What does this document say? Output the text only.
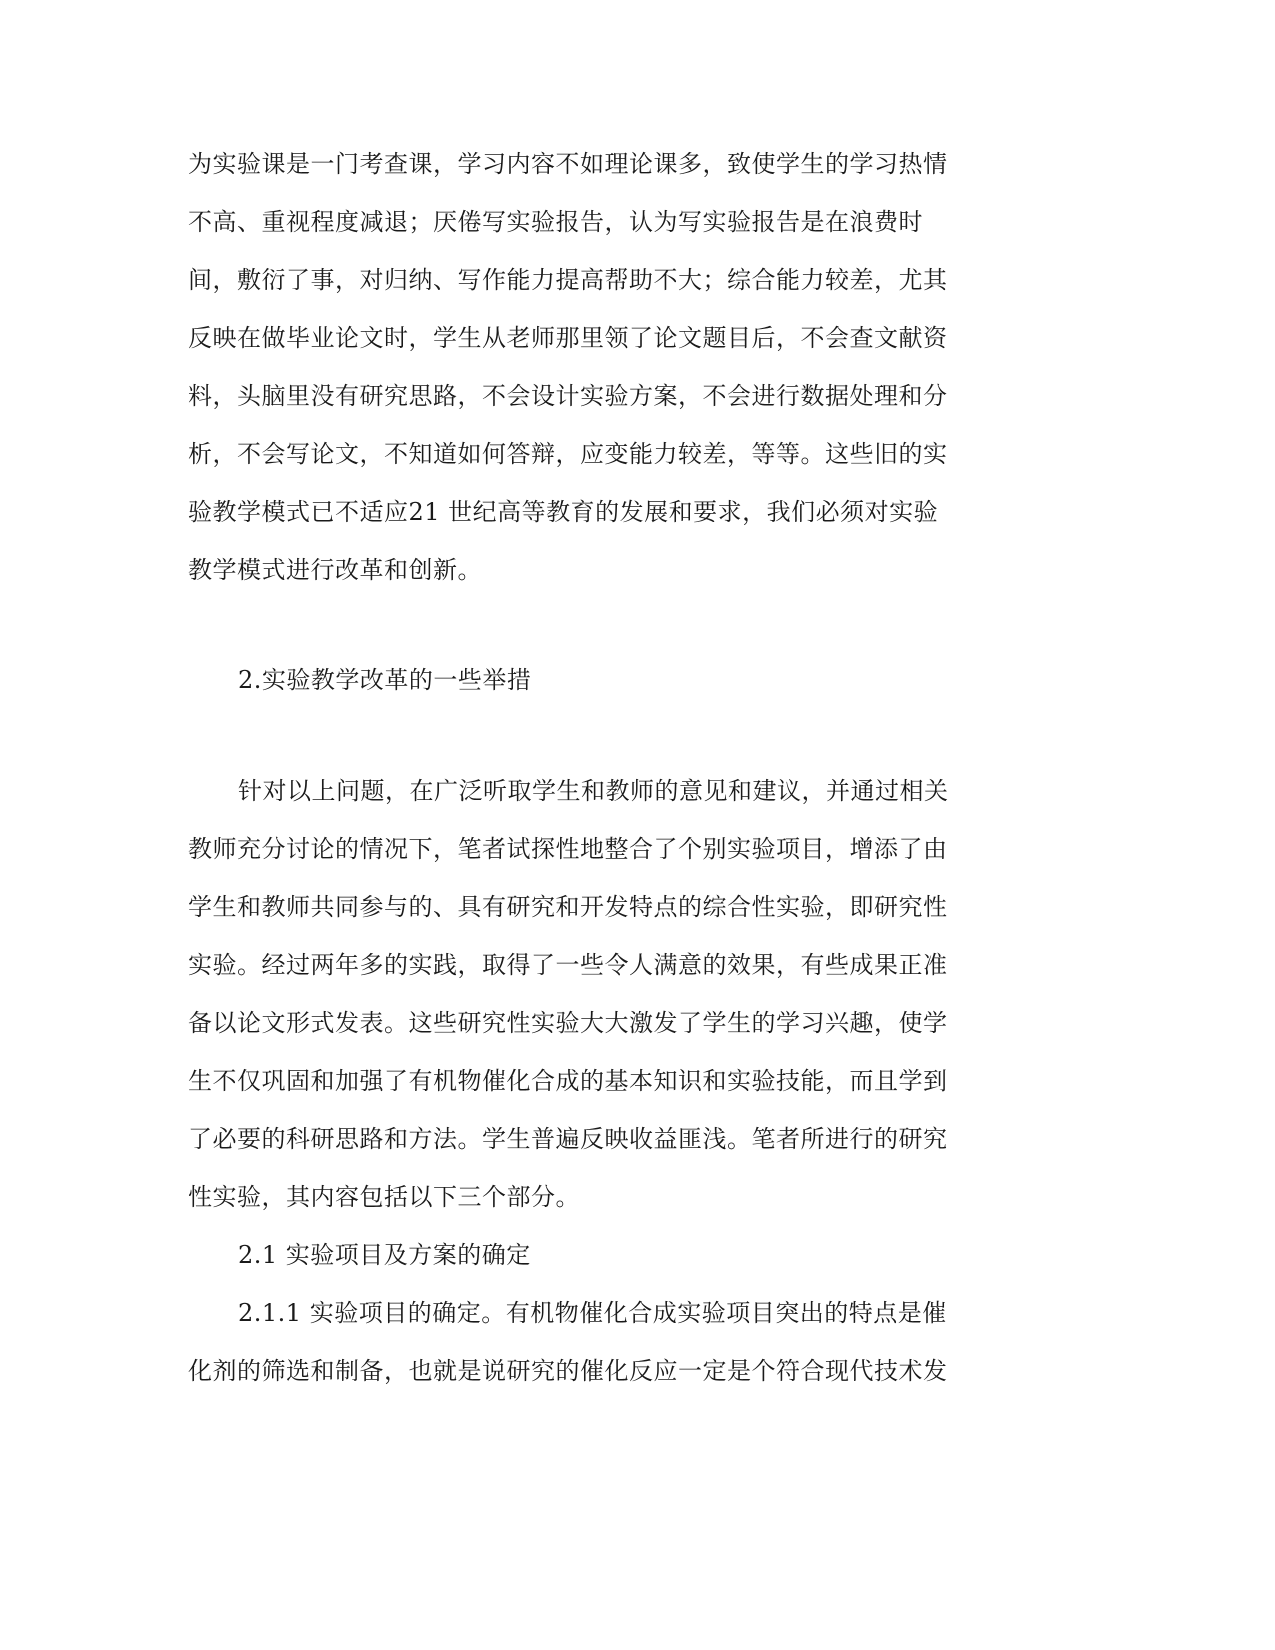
为实验课是一门考查课，学习内容不如理论课多，致使学生的学习热情
不高、重视程度减退；厌倦写实验报告，认为写实验报告是在浪费时
间，敷衍了事，对归纳、写作能力提高帮助不大；综合能力较差，尤其
反映在做毕业论文时，学生从老师那里领了论文题目后，不会查文献资
料，头脑里没有研究思路，不会设计实验方案，不会进行数据处理和分
析，不会写论文，不知道如何答辩，应变能力较差，等等。这些旧的实
验教学模式已不适应21 世纪高等教育的发展和要求，我们必须对实验
教学模式进行改革和创新。
2.实验教学改革的一些举措
针对以上问题，在广泛听取学生和教师的意见和建议，并通过相关
教师充分讨论的情况下，笔者试探性地整合了个别实验项目，增添了由
学生和教师共同参与的、具有研究和开发特点的综合性实验，即研究性
实验。经过两年多的实践，取得了一些令人满意的效果，有些成果正准
备以论文形式发表。这些研究性实验大大激发了学生的学习兴趣，使学
生不仅巩固和加强了有机物催化合成的基本知识和实验技能，而且学到
了必要的科研思路和方法。学生普遍反映收益匪浅。笔者所进行的研究
性实验，其内容包括以下三个部分。
2.1 实验项目及方案的确定
2.1.1 实验项目的确定。有机物催化合成实验项目突出的特点是催
化剂的筛选和制备，也就是说研究的催化反应一定是个符合现代技术发
